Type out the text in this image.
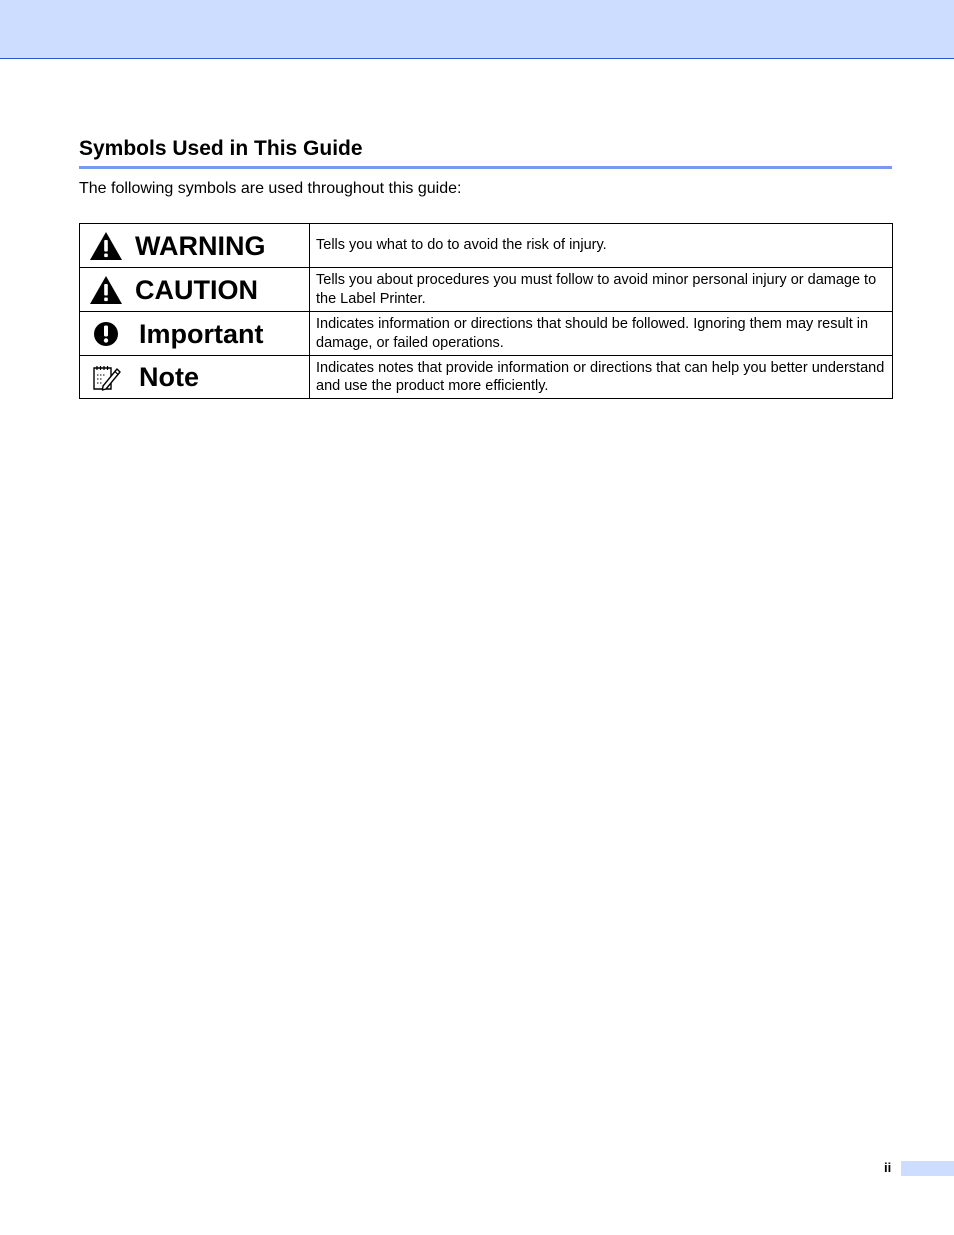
Symbols Used in This Guide

The following symbols are used throughout this guide:

WARNING	Tells you what to do to avoid the risk of injury.

CAUTION	Tells you about procedures you must follow to avoid minor personal injury or damage to the Label Printer.

Important	Indicates information or directions that should be followed. Ignoring them may result in damage, or failed operations.

Note	Indicates notes that provide information or directions that can help you better understand and use the product more efficiently.
ii
